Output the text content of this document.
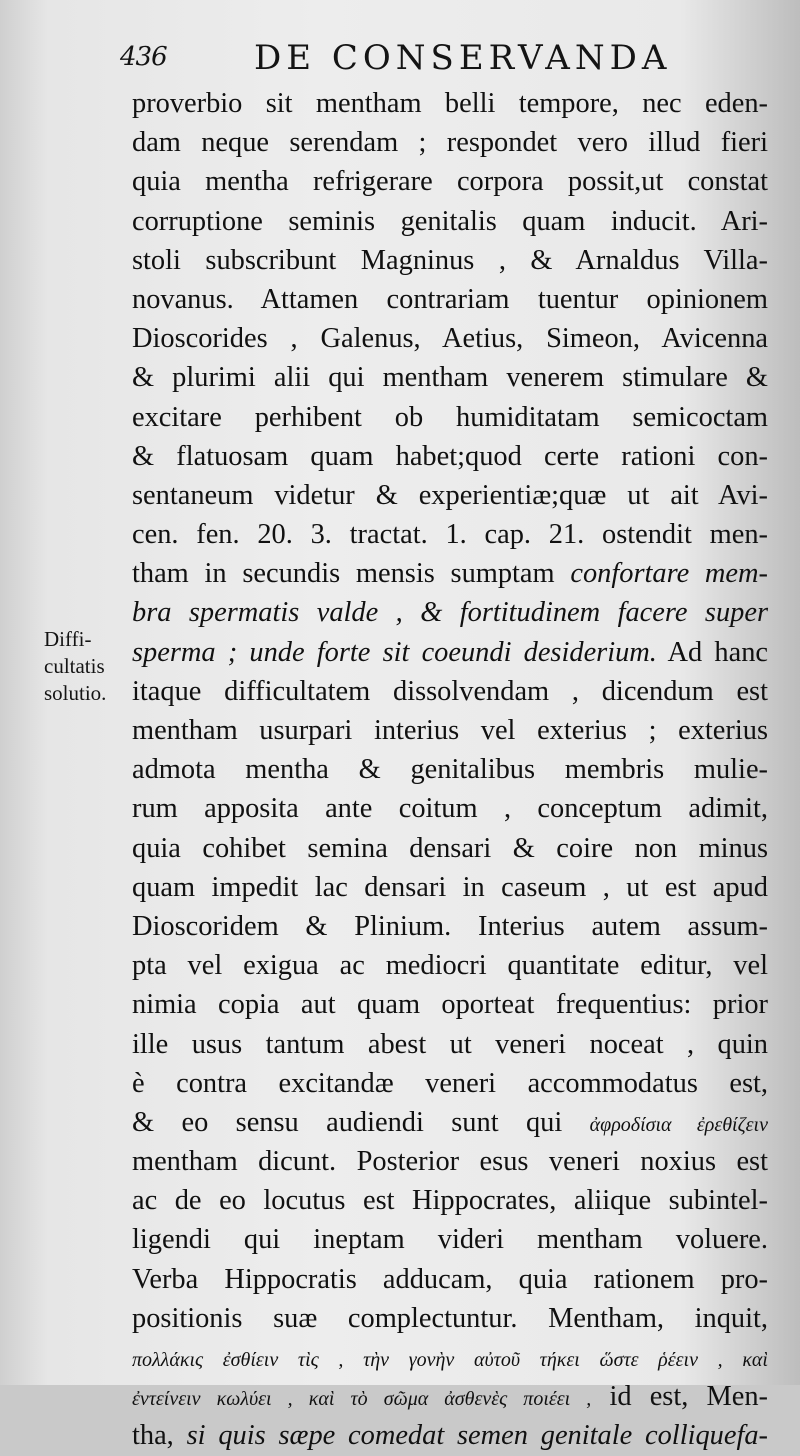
436	DE CONSERVANDA
Diffi-
cultatis
solutio.
proverbio sit mentham belli tempore, nec eden-
dam neque serendam ; respondet vero illud fieri
quia mentha refrigerare corpora possit,ut constat
corruptione seminis genitalis quam inducit. Ari-
stoli subscribunt Magninus , & Arnaldus Villa-
novanus. Attamen contrariam tuentur opinionem
Dioscorides , Galenus, Aetius, Simeon, Avicenna
& plurimi alii qui mentham venerem stimulare &
excitare perhibent ob humiditatam semicoctam
& flatuosam quam habet;quod certe rationi con-
sentaneum videtur & experientiæ;quæ ut ait Avi-
cen. fen. 20. 3. tractat. 1. cap. 21. ostendit men-
tham in secundis mensis sumptam confortare mem-
bra spermatis valde , & fortitudinem facere super
sperma ; unde forte sit coeundi desiderium. Ad hanc
itaque difficultatem dissolvendam , dicendum est
mentham usurpari interius vel exterius ; exterius
admota mentha & genitalibus membris mulie-
rum apposita ante coitum , conceptum adimit,
quia cohibet semina densari & coire non minus
quam impedit lac densari in caseum , ut est apud
Dioscoridem & Plinium. Interius autem assum-
pta vel exigua ac mediocri quantitate editur, vel
nimia copia aut quam oporteat frequentius: prior
ille usus tantum abest ut veneri noceat , quin
è contra excitandæ veneri accommodatus est,
& eo sensu audiendi sunt qui ἀφροδίσια ἐρεθίζειν
mentham dicunt. Posterior esus veneri noxius est
ac de eo locutus est Hippocrates, aliique subintel-
ligendi qui ineptam videri mentham voluere.
Verba Hippocratis adducam, quia rationem pro-
positionis suæ complectuntur. Mentham, inquit,
πολλάκις ἐσθίειν τὶς , τὴν γονὴν αὐτοῦ τήκει ὥστε ῥέειν , καὶ
ἐντείνειν κωλύει , καὶ τὸ σῶμα ἀσθενὲς ποιέει , id est, Men-
tha, si quis sæpe comedat semen genitale colliquefa-
